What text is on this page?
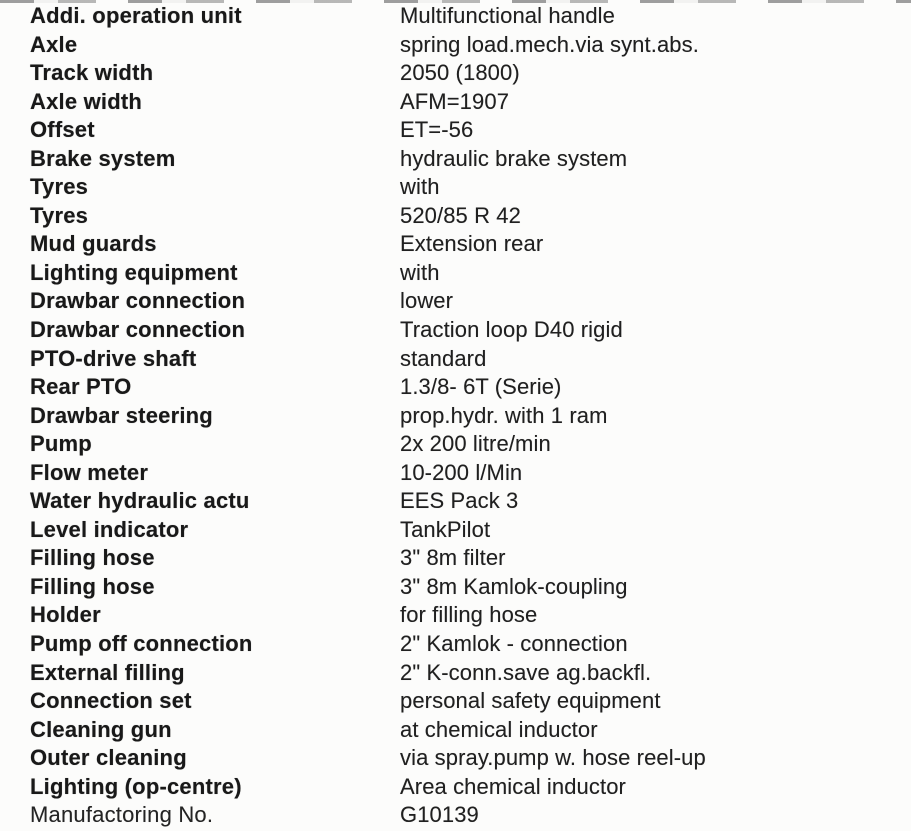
Addi. operation unit	Multifunctional handle
Axle	spring load.mech.via synt.abs.
Track width	2050 (1800)
Axle width	AFM=1907
Offset	ET=-56
Brake system	hydraulic brake system
Tyres	with
Tyres	520/85 R 42
Mud guards	Extension rear
Lighting equipment	with
Drawbar connection	lower
Drawbar connection	Traction loop D40 rigid
PTO-drive shaft	standard
Rear PTO	1.3/8- 6T (Serie)
Drawbar steering	prop.hydr. with 1 ram
Pump	2x 200 litre/min
Flow meter	10-200 l/Min
Water hydraulic actu	EES Pack 3
Level indicator	TankPilot
Filling hose	3" 8m filter
Filling hose	3" 8m Kamlok-coupling
Holder	for filling hose
Pump off connection	2" Kamlok - connection
External filling	2" K-conn.save ag.backfl.
Connection set	personal safety equipment
Cleaning gun	at chemical inductor
Outer cleaning	via spray.pump w. hose reel-up
Lighting (op-centre)	Area chemical inductor
Manufactoring No.	G10139
